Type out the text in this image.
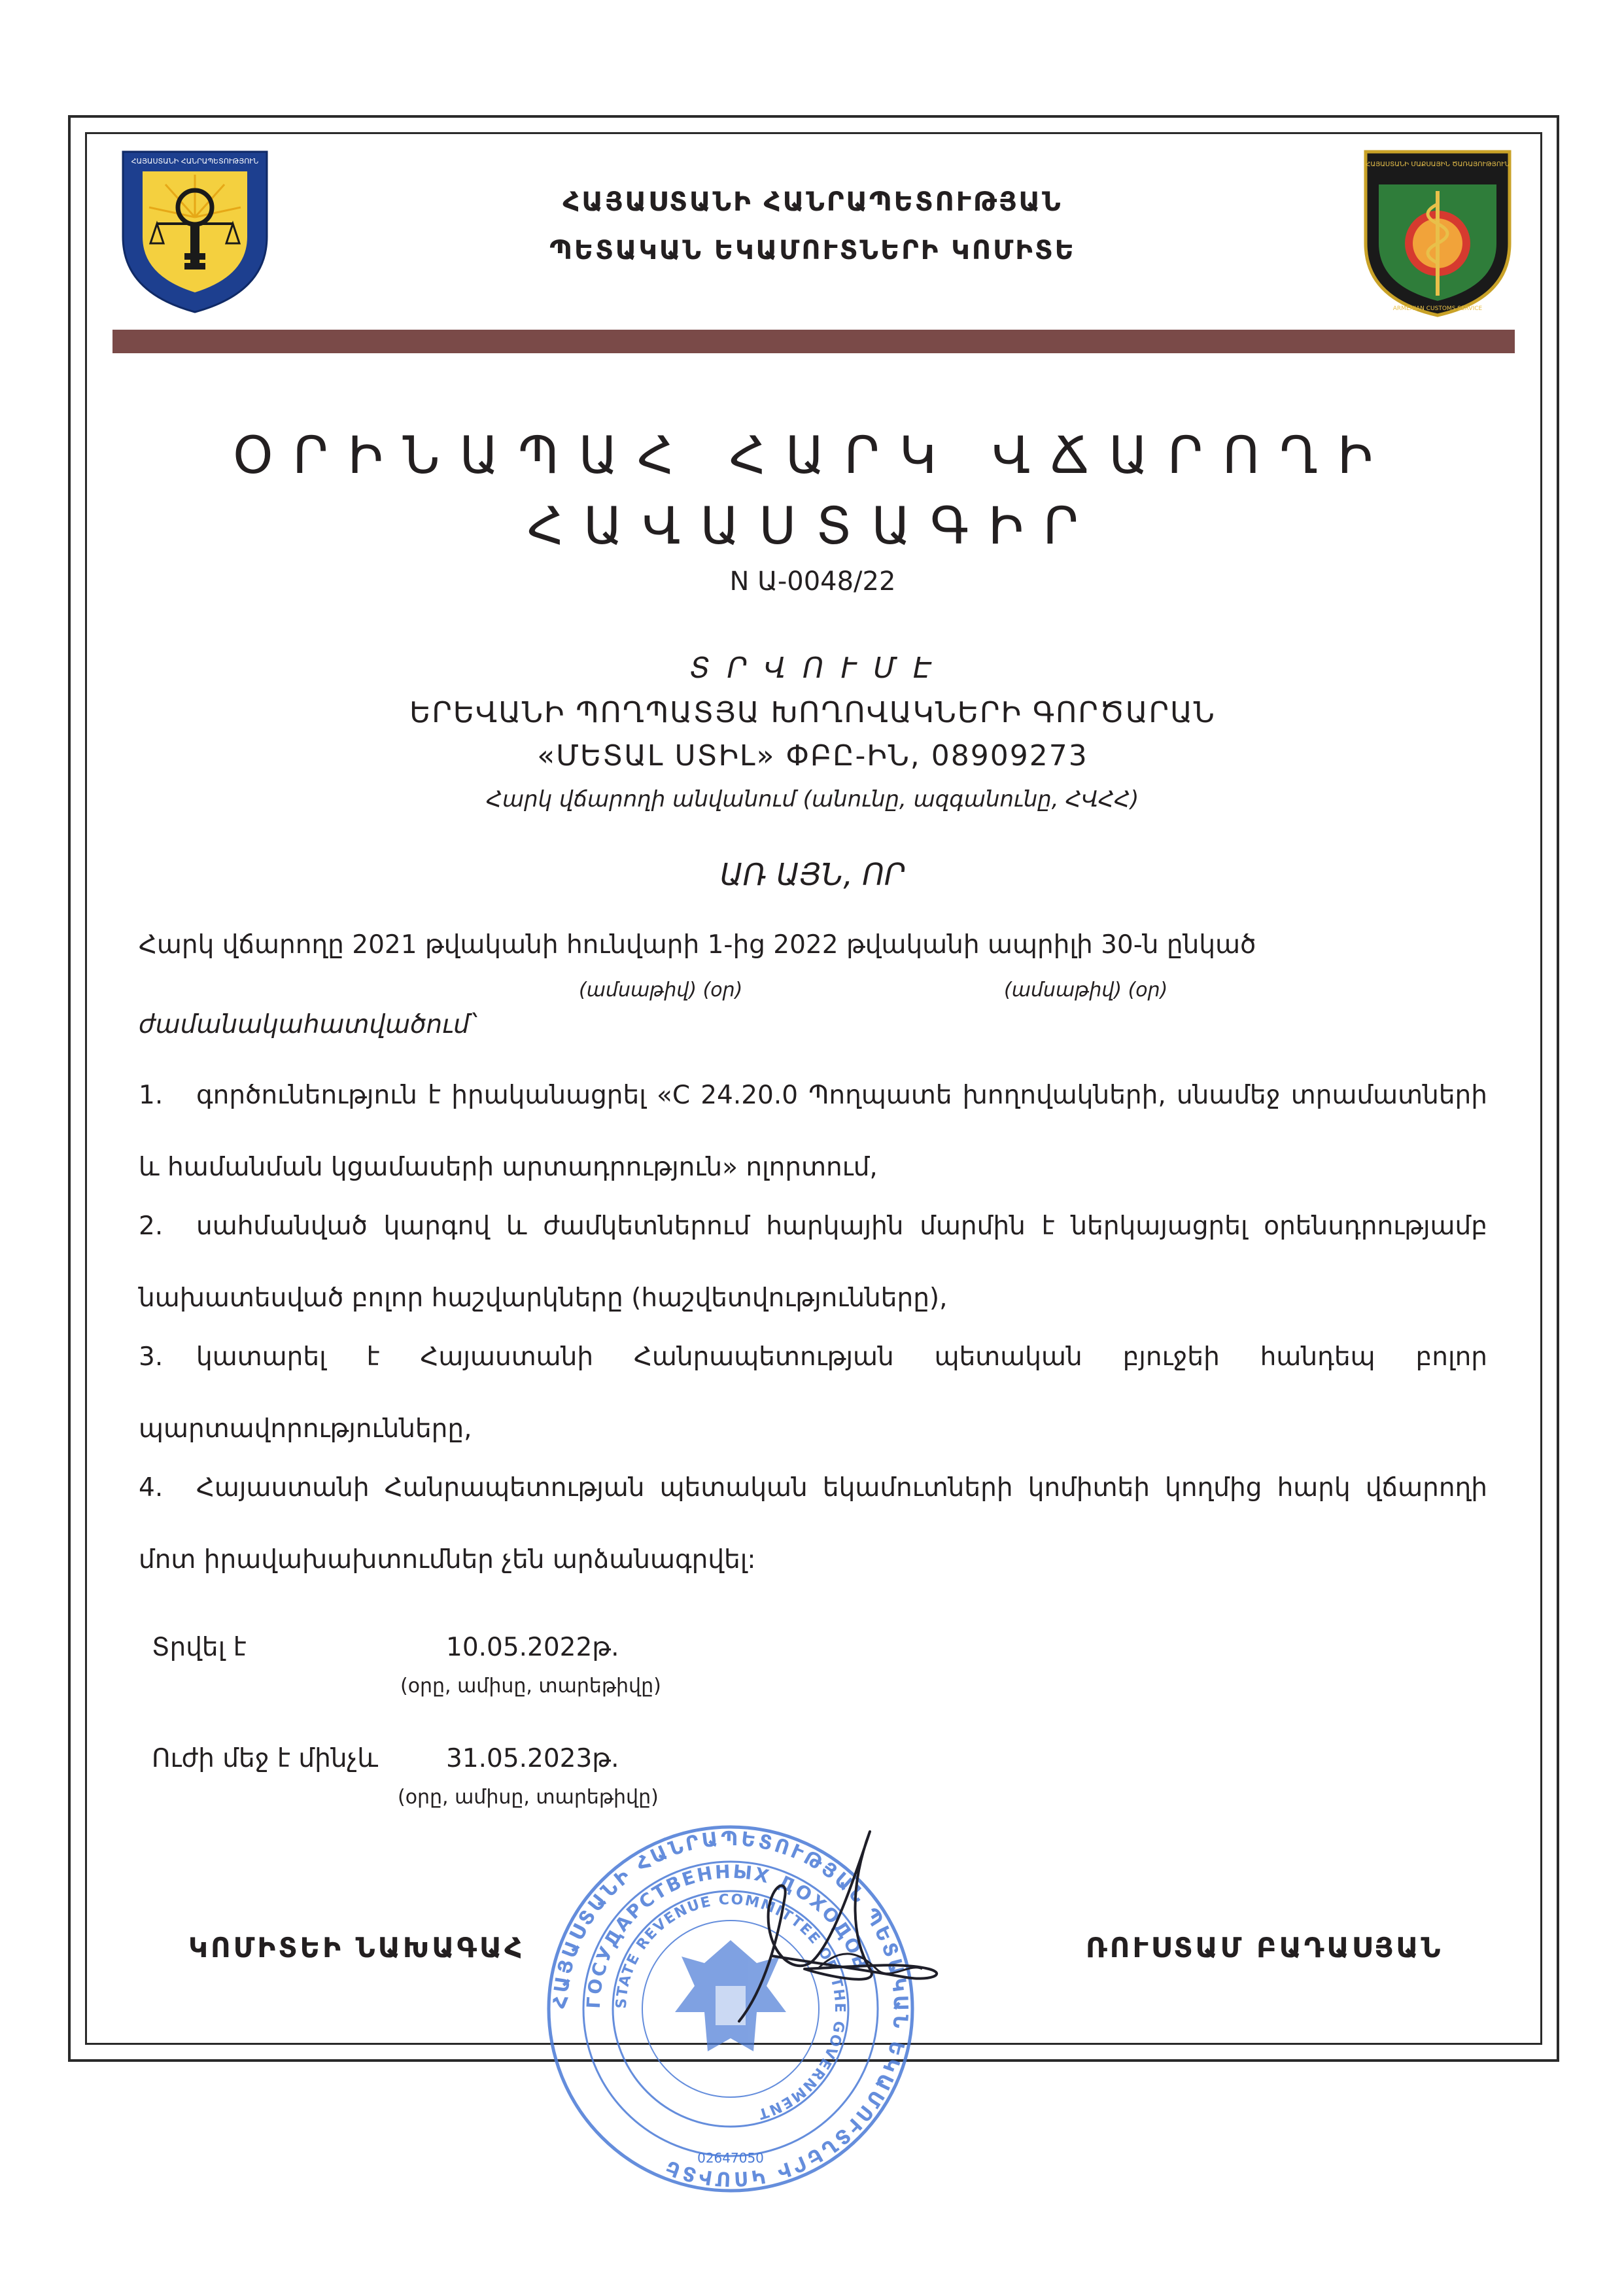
ՀԱՅԱՍՏԱՆԻ ՀԱՆՐԱՊԵՏՈՒԹՅՈՒՆ	ՀԱՅԱՍՏԱՆԻ ՄԱՔՍԱՅԻՆ ԾԱՌԱՅՈՒԹՅՈՒՆ
ARMENIAN CUSTOMS SERVICE
ՀԱՅԱՍՏԱՆԻ ՀԱՆՐԱՊԵՏՈՒԹՅԱՆ
ՊԵՏԱԿԱՆ ԵԿԱՄՈՒՏՆԵՐԻ ԿՈՄԻՏԵ
ՕՐԻՆԱՊԱՀ ՀԱՐԿ ՎՃԱՐՈՂԻ
ՀԱՎԱՍՏԱԳԻՐ
N Ա-0048/22
Տ Ր Վ Ո Ւ Մ Է
ԵՐԵՎԱՆԻ ՊՈՂՊԱՏՅԱ ԽՈՂՈՎԱԿՆԵՐԻ ԳՈՐԾԱՐԱՆ
«ՄԵՏԱԼ ՍՏԻԼ» ՓԲԸ-ԻՆ, 08909273
Հարկ վճարողի անվանում (անունը, ազգանունը, ՀՎՀՀ)
ԱՌ ԱՅՆ, ՈՐ
Հարկ վճարողը 2021 թվականի հունվարի 1-ից 2022 թվականի ապրիլի 30-ն ընկած
(ամսաթիվ) (օր)	(ամսաթիվ) (օր)
ժամանակահատվածում՝
1. գործունեություն է իրականացրել «C 24.20.0 Պողպատե խողովակների, սնամեջ տրամատների և համանման կցամասերի արտադրություն» ոլորտում,
2. սահմանված կարգով և ժամկետներում հարկային մարմին է ներկայացրել օրենսդրությամբ նախատեսված բոլոր հաշվարկները (հաշվետվությունները),
3. կատարել է Հայաստանի Հանրապետության պետական բյուջեի հանդեպ բոլոր պարտավորությունները,
4. Հայաստանի Հանրապետության պետական եկամուտների կոմիտեի կողմից հարկ վճարողի մոտ իրավախախտումներ չեն արձանագրվել:
Տրվել է	10.05.2022թ.
(օրը, ամիսը, տարեթիվը)
Ուժի մեջ է մինչև	31.05.2023թ.
(օրը, ամիսը, տարեթիվը)
ՀԱՅԱՍՏԱՆԻ ՀԱՆՐԱՊԵՏՈՒԹՅԱՆ ՊԵՏԱԿԱՆ ԵԿԱՄՈՒՏՆԵՐԻ ԿՈՄԻՏԵ
ГОСУДАРСТВЕННЫХ ДОХОДОВ
STATE REVENUE COMMITTEE OF THE GOVERNMENT
02647050
ԿՈՄԻՏԵԻ ՆԱԽԱԳԱՀ	ՌՈՒՍՏԱՄ ԲԱԴԱՍՅԱՆ
